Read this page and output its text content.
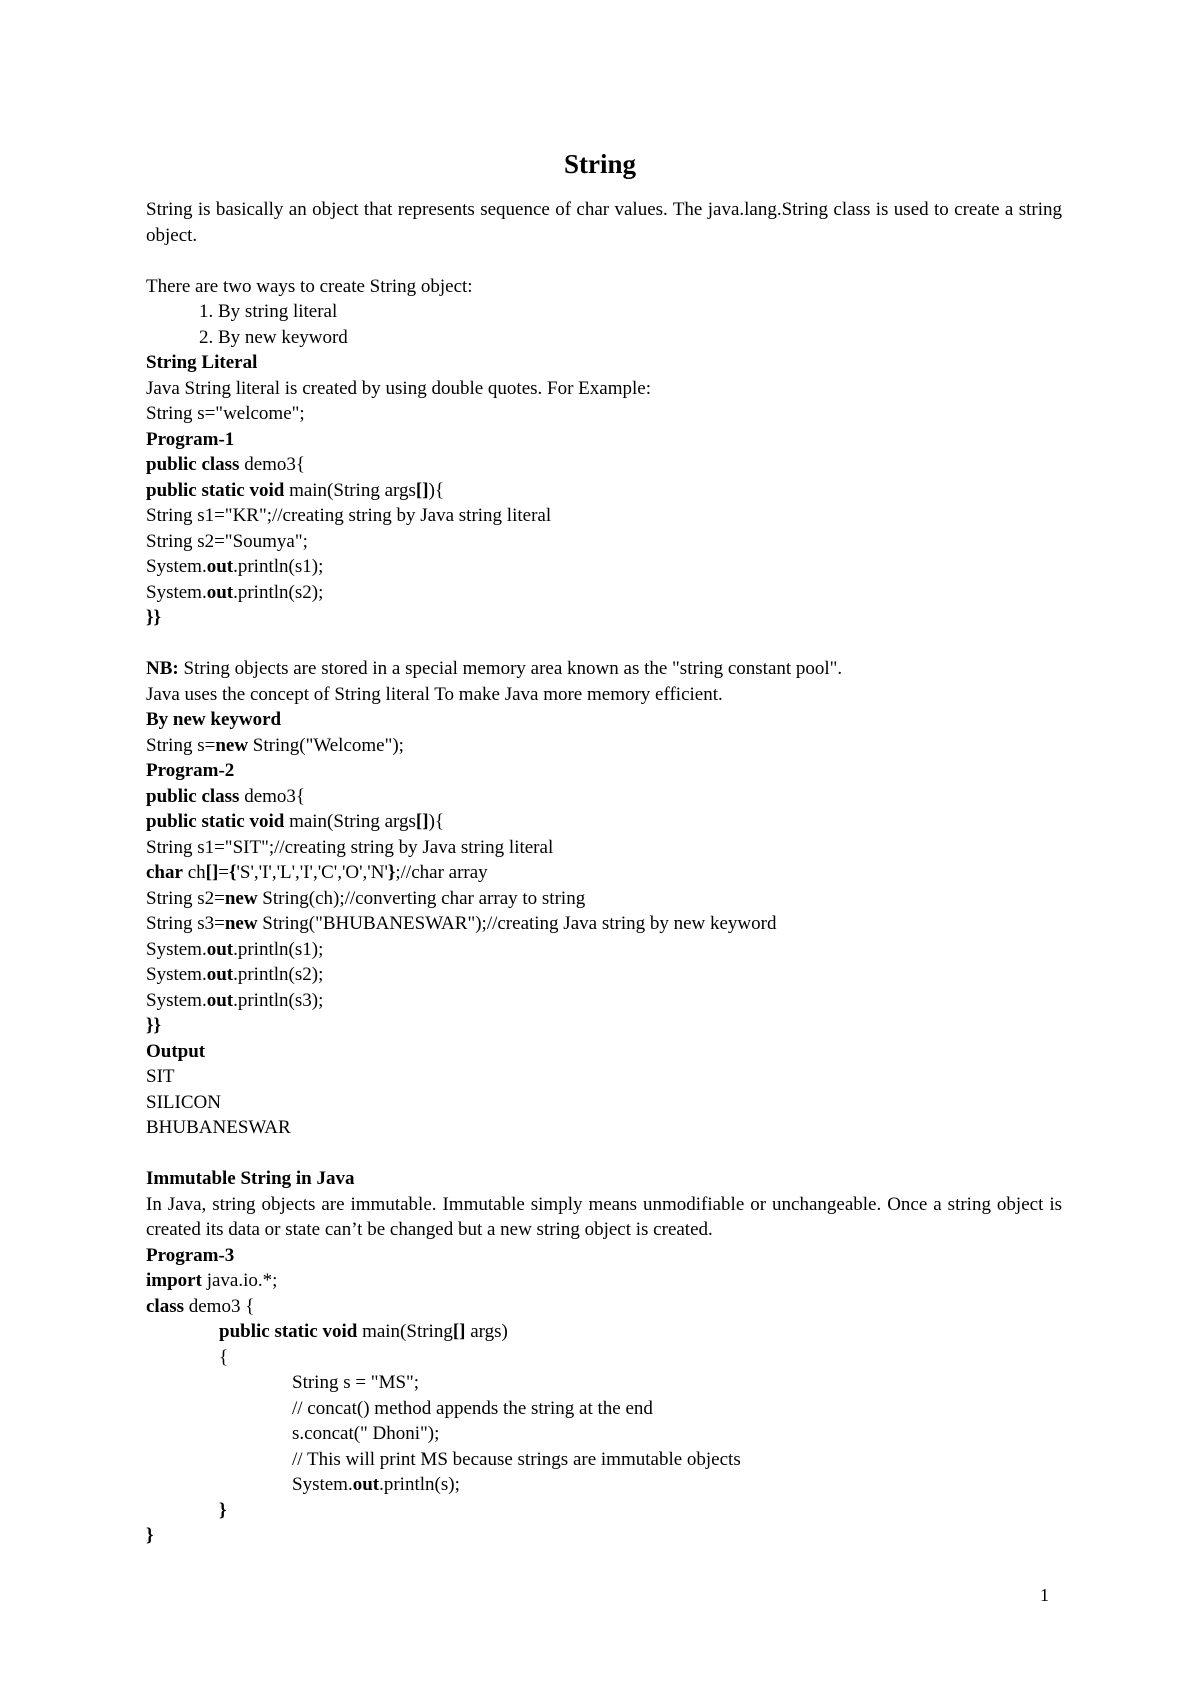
String
String is basically an object that represents sequence of char values. The java.lang.String class is used to create a string object.
There are two ways to create String object:
1. By string literal
2. By new keyword
String Literal
Java String literal is created by using double quotes. For Example:
String s="welcome";
Program-1
public class demo3{
public static void main(String args[]){
String s1="KR";//creating string by Java string literal
String s2="Soumya";
System.out.println(s1);
System.out.println(s2);
}}
NB: String objects are stored in a special memory area known as the "string constant pool".
Java uses the concept of String literal To make Java more memory efficient.
By new keyword
String s=new String("Welcome");
Program-2
public class demo3{
public static void main(String args[]){
String s1="SIT";//creating string by Java string literal
char ch[]={'S','I','L','I','C','O','N'};//char array
String s2=new String(ch);//converting char array to string
String s3=new String("BHUBANESWAR");//creating Java string by new keyword
System.out.println(s1);
System.out.println(s2);
System.out.println(s3);
}}
Output
SIT
SILICON
BHUBANESWAR
Immutable String in Java
In Java, string objects are immutable. Immutable simply means unmodifiable or unchangeable. Once a string object is created its data or state can’t be changed but a new string object is created.
Program-3
import java.io.*;
class demo3 {
public static void main(String[] args)
{
String s = "MS";
// concat() method appends the string at the end
s.concat(" Dhoni");
// This will print MS because strings are immutable objects
System.out.println(s);
}
}
1
